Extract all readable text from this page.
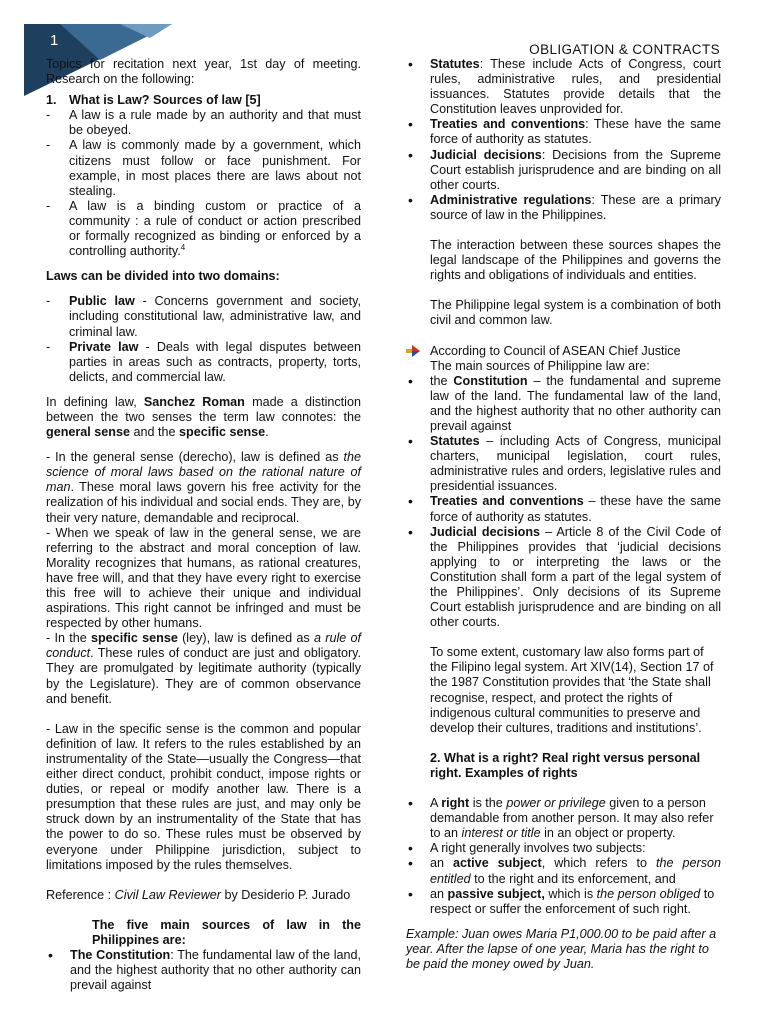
1
OBLIGATION & CONTRACTS

Topics for recitation next year, 1st day of meeting. Research on the following:

1. What is Law? Sources of law [5]
- A law is a rule made by an authority and that must be obeyed.
- A law is commonly made by a government, which citizens must follow or face punishment. For example, in most places there are laws about not stealing.
- A law is a binding custom or practice of a community : a rule of conduct or action prescribed or formally recognized as binding or enforced by a controlling authority.$^4$

Laws can be divided into two domains:

- Public law - Concerns government and society, including constitutional law, administrative law, and criminal law.
- Private law - Deals with legal disputes between parties in areas such as contracts, property, torts, delicts, and commercial law.

In defining law, Sanchez Roman made a distinction between the two senses the term law connotes: the general sense and the specific sense.

- In the general sense (derecho), law is defined as the science of moral laws based on the rational nature of man. These moral laws govern his free activity for the realization of his individual and social ends. They are, by their very nature, demandable and reciprocal.

- When we speak of law in the general sense, we are referring to the abstract and moral conception of law. Morality recognizes that humans, as rational creatures, have free will, and that they have every right to exercise this free will to achieve their unique and individual aspirations. This right cannot be infringed and must be respected by other humans.

- In the specific sense (ley), law is defined as a rule of conduct. These rules of conduct are just and obligatory. They are promulgated by legitimate authority (typically by the Legislature). They are of common observance and benefit.

- Law in the specific sense is the common and popular definition of law. It refers to the rules established by an instrumentality of the State—usually the Congress—that either direct conduct, prohibit conduct, impose rights or duties, or repeal or modify another law. There is a presumption that these rules are just, and may only be struck down by an instrumentality of the State that has the power to do so. These rules must be observed by everyone under Philippine jurisdiction, subject to limitations imposed by the rules themselves.

Reference : Civil Law Reviewer by Desiderio P. Jurado

The five main sources of law in the Philippines are:

• The Constitution: The fundamental law of the land, and the highest authority that no other authority can prevail against
• Statutes: These include Acts of Congress, court rules, administrative rules, and presidential issuances. Statutes provide details that the Constitution leaves unprovided for.
• Treaties and conventions: These have the same force of authority as statutes.
• Judicial decisions: Decisions from the Supreme Court establish jurisprudence and are binding on all other courts.
• Administrative regulations: These are a primary source of law in the Philippines.

The interaction between these sources shapes the legal landscape of the Philippines and governs the rights and obligations of individuals and entities.

The Philippine legal system is a combination of both civil and common law.

According to Council of ASEAN Chief Justice
The main sources of Philippine law are:
• the Constitution – the fundamental and supreme law of the land. The fundamental law of the land, and the highest authority that no other authority can prevail against
• Statutes – including Acts of Congress, municipal charters, municipal legislation, court rules, administrative rules and orders, legislative rules and presidential issuances.
• Treaties and conventions – these have the same force of authority as statutes.
• Judicial decisions – Article 8 of the Civil Code of the Philippines provides that ‘judicial decisions applying to or interpreting the laws or the Constitution shall form a part of the legal system of the Philippines’. Only decisions of its Supreme Court establish jurisprudence and are binding on all other courts.

To some extent, customary law also forms part of the Filipino legal system. Art XIV(14), Section 17 of the 1987 Constitution provides that ‘the State shall recognise, respect, and protect the rights of indigenous cultural communities to preserve and develop their cultures, traditions and institutions’.

2. What is a right? Real right versus personal right. Examples of rights

• A right is the power or privilege given to a person demandable from another person. It may also refer to an interest or title in an object or property.
• A right generally involves two subjects:
• an active subject, which refers to the person entitled to the right and its enforcement, and
• an passive subject, which is the person obliged to respect or suffer the enforcement of such right.

Example: Juan owes Maria P1,000.00 to be paid after a year. After the lapse of one year, Maria has the right to be paid the money owed by Juan.
